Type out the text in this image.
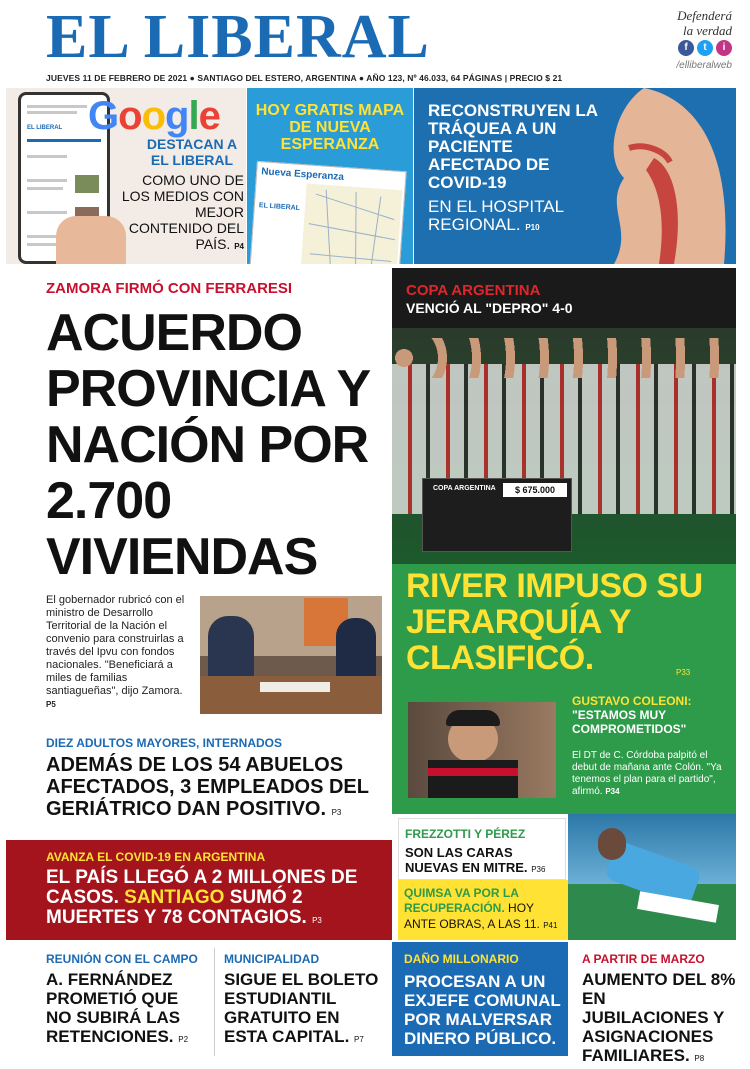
EL LIBERAL	Defenderá
la verdad
f	t	i
/elliberalweb
JUEVES 11 DE FEBRERO DE 2021 ● SANTIAGO DEL ESTERO, ARGENTINA ● AÑO 123, Nº 46.033, 64 PÁGINAS | PRECIO $ 21
EL LIBERAL Google
DESTACAN A EL LIBERAL
COMO UNO DE LOS MEDIOS CON MEJOR CONTENIDO DEL PAÍS. P4
HOY GRATIS MAPA DE NUEVA ESPERANZA
Nueva Esperanza
EL LIBERAL
RECONSTRUYEN LA TRÁQUEA A UN PACIENTE AFECTADO DE COVID-19
EN EL HOSPITAL REGIONAL. P10
ZAMORA FIRMÓ CON FERRARESI
ACUERDO PROVINCIA Y NACIÓN POR 2.700 VIVIENDAS
El gobernador rubricó con el ministro de Desarrollo Territorial de la Nación el convenio para construirlas a través del Ipvu con fondos nacionales. "Beneficiará a miles de familias santiagueñas", dijo Zamora. P5
COPA ARGENTINA	$ 675.000
COPA ARGENTINA
VENCIÓ AL "DEPRO" 4-0
RIVER IMPUSO SU JERARQUÍA Y CLASIFICÓ.	P33
GUSTAVO COLEONI:
"ESTAMOS MUY COMPROMETIDOS"
El DT de C. Córdoba palpitó el debut de mañana ante Colón. "Ya tenemos el plan para el partido", afirmó. P34
DIEZ ADULTOS MAYORES, INTERNADOS
ADEMÁS DE LOS 54 ABUELOS AFECTADOS, 3 EMPLEADOS DEL GERIÁTRICO DAN POSITIVO. P3
AVANZA EL COVID-19 EN ARGENTINA
EL PAÍS LLEGÓ A 2 MILLONES DE CASOS. SANTIAGO SUMÓ 2 MUERTES Y 78 CONTAGIOS. P3
FREZZOTTI Y PÉREZ
SON LAS CARAS NUEVAS EN MITRE. P36
QUIMSA VA POR LA
RECUPERACIÓN. HOY ANTE OBRAS, A LAS 11. P41
REUNIÓN CON EL CAMPO
A. FERNÁNDEZ PROMETIÓ QUE NO SUBIRÁ LAS RETENCIONES. P2
MUNICIPALIDAD
SIGUE EL BOLETO ESTUDIANTIL GRATUITO EN ESTA CAPITAL. P7
DAÑO MILLONARIO
PROCESAN A UN EXJEFE COMUNAL POR MALVERSAR DINERO PÚBLICO. P6
A PARTIR DE MARZO
AUMENTO DEL 8% EN JUBILACIONES Y ASIGNACIONES FAMILIARES. P8
